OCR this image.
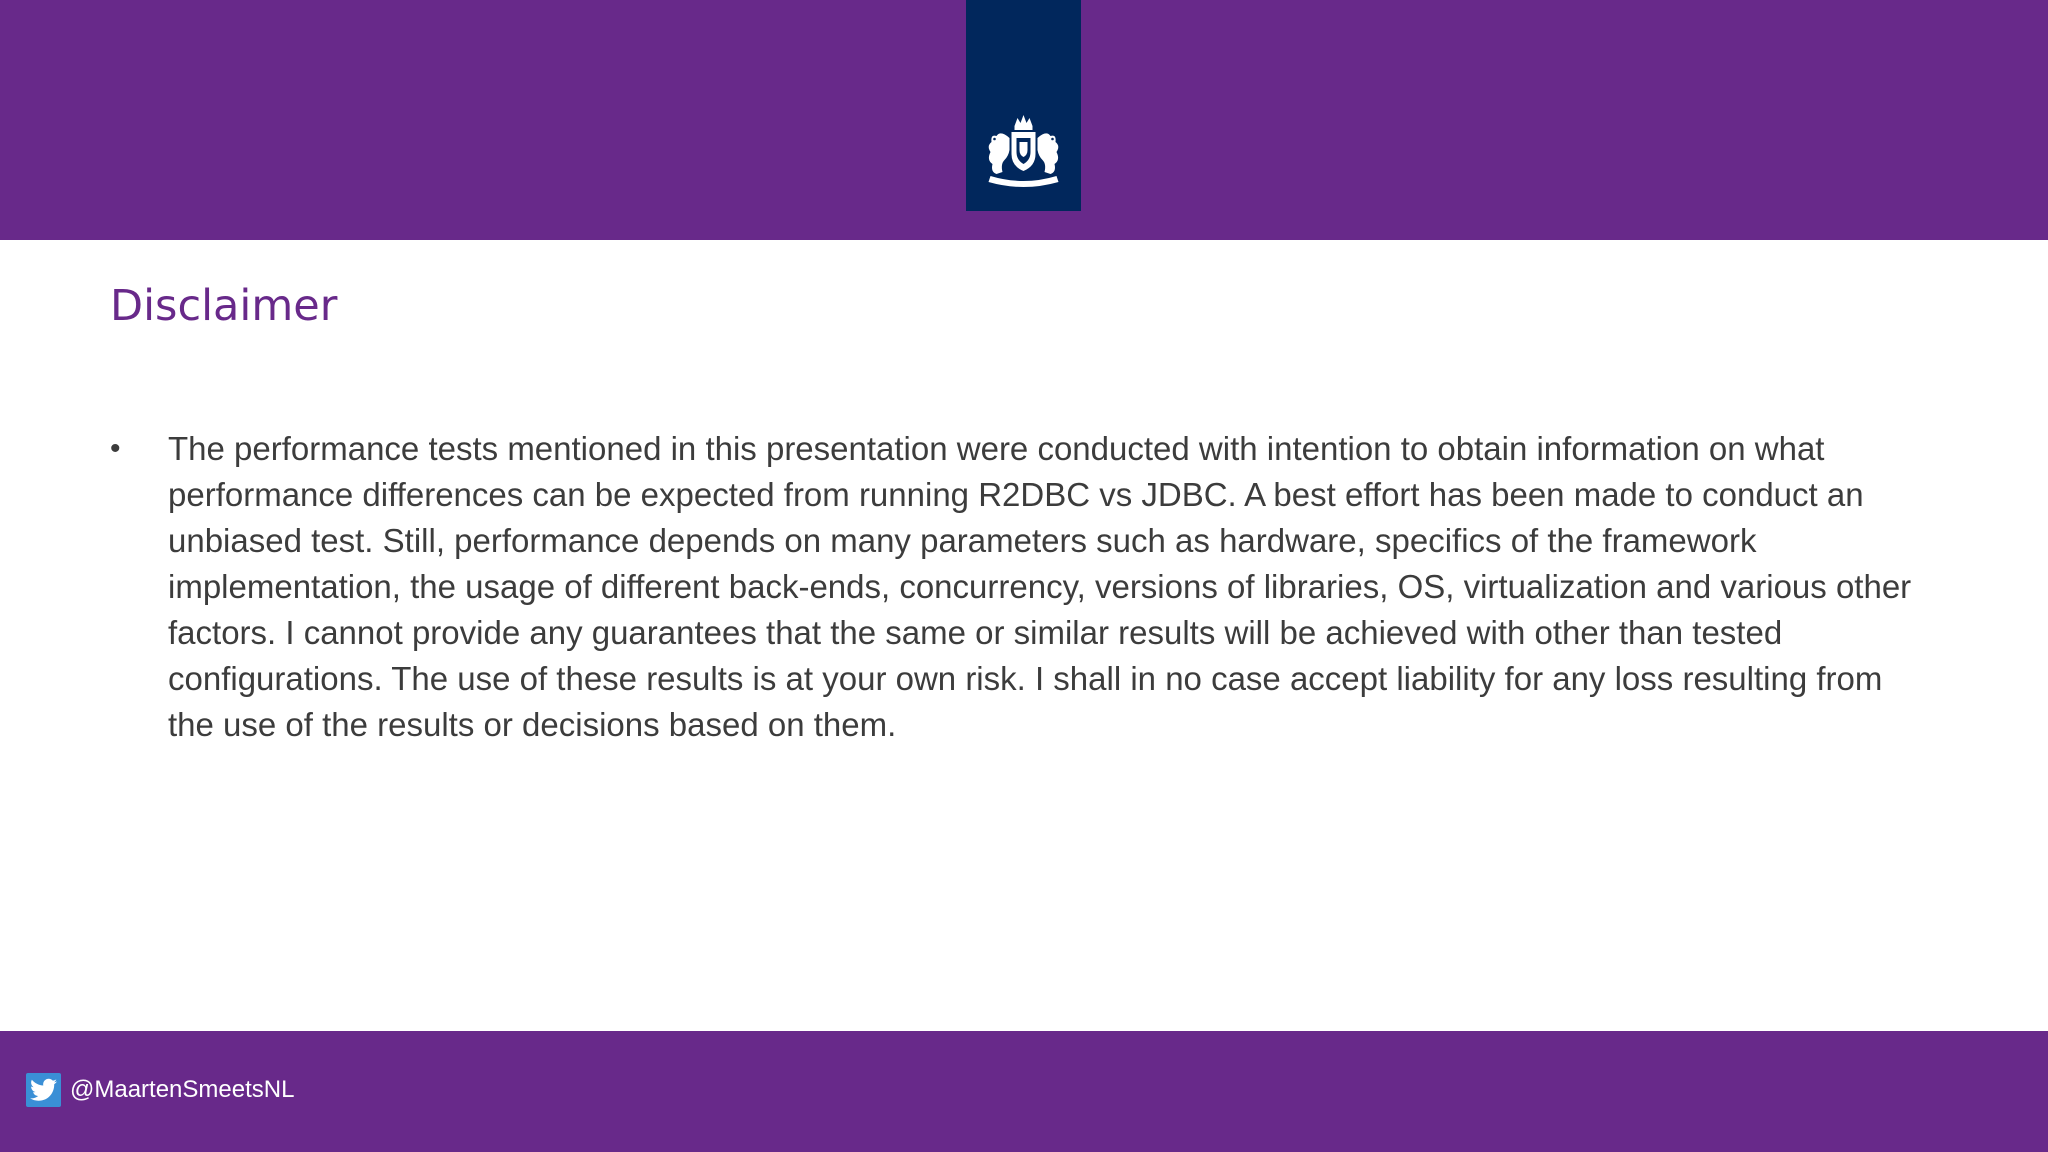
Disclaimer
• The performance tests mentioned in this presentation were conducted with intention to obtain information on what performance differences can be expected from running R2DBC vs JDBC. A best effort has been made to conduct an unbiased test. Still, performance depends on many parameters such as hardware, specifics of the framework implementation, the usage of different back-ends, concurrency, versions of libraries, OS, virtualization and various other factors. I cannot provide any guarantees that the same or similar results will be achieved with other than tested configurations. The use of these results is at your own risk. I shall in no case accept liability for any loss resulting from the use of the results or decisions based on them.
@MaartenSmeetsNL
